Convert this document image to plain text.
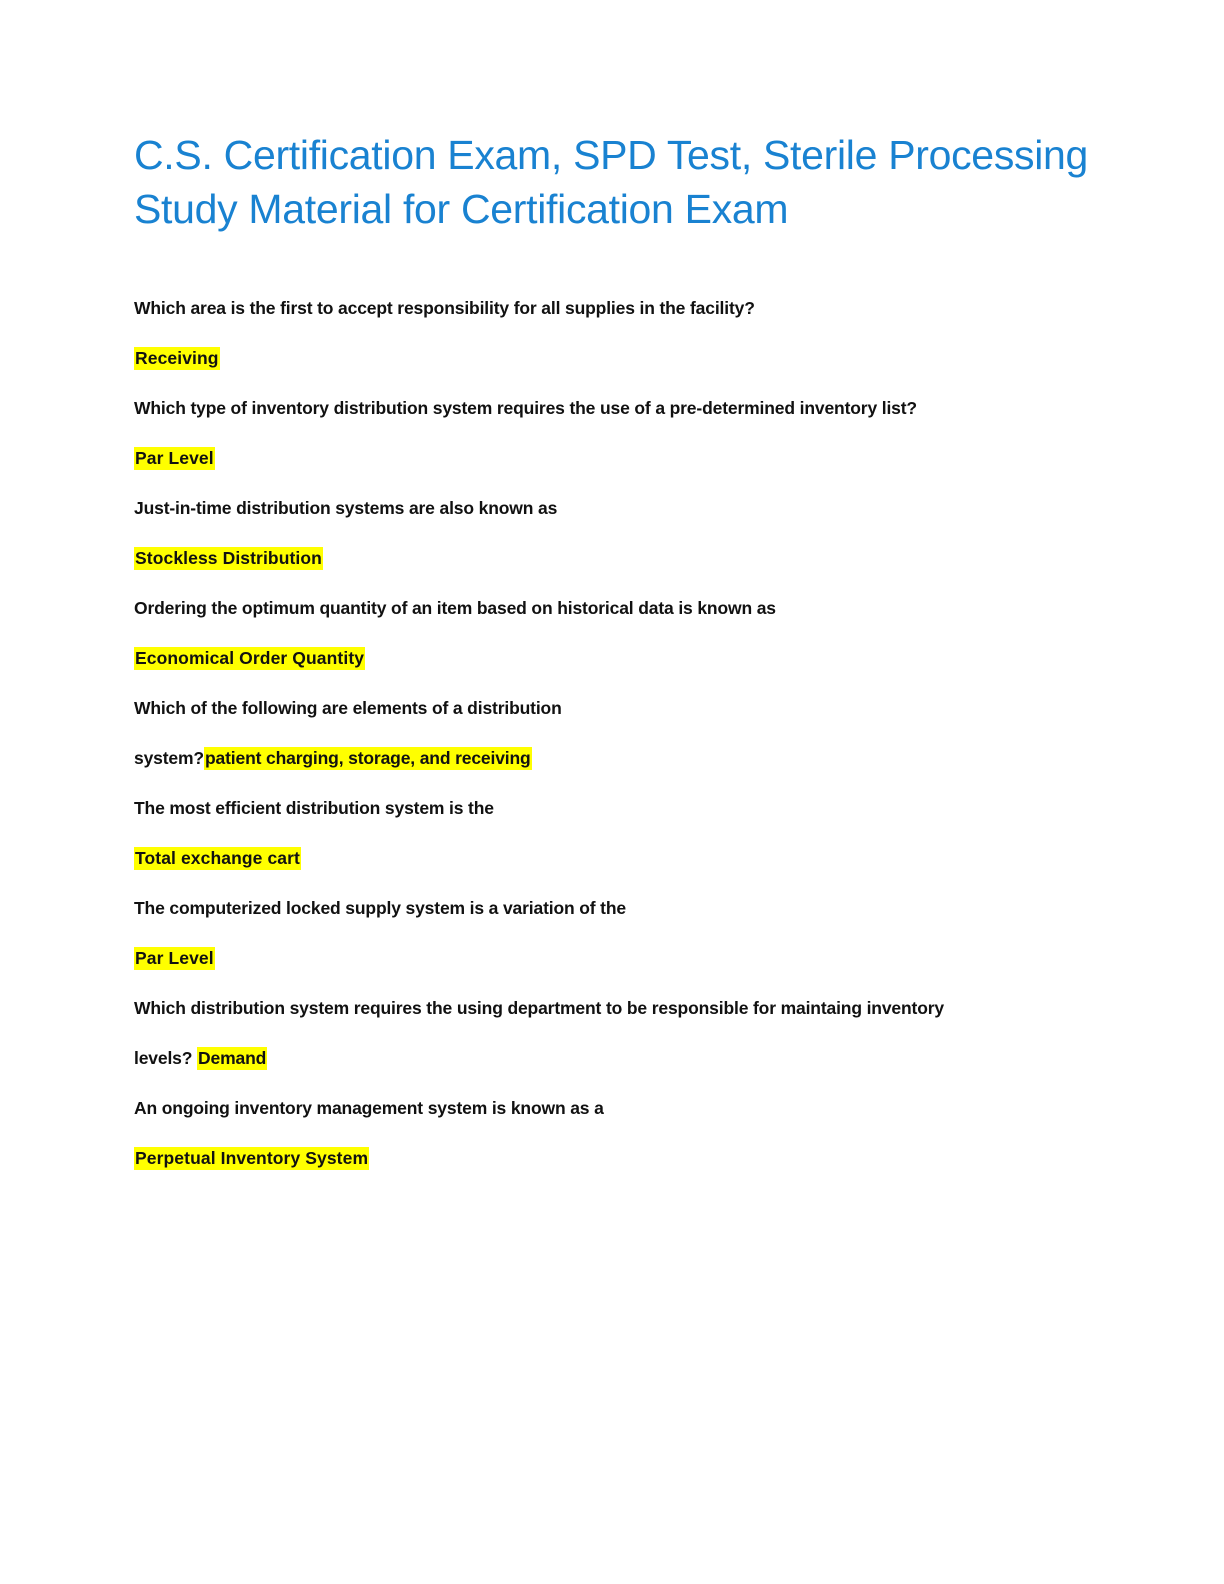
C.S. Certification Exam, SPD Test, Sterile Processing Study Material for Certification Exam

Which area is the first to accept responsibility for all supplies in the facility?

Receiving

Which type of inventory distribution system requires the use of a pre-determined inventory list?

Par Level

Just-in-time distribution systems are also known as

Stockless Distribution

Ordering the optimum quantity of an item based on historical data is known as

Economical Order Quantity

Which of the following are elements of a distribution

system?patient charging, storage, and receiving

The most efficient distribution system is the

Total exchange cart

The computerized locked supply system is a variation of the

Par Level

Which distribution system requires the using department to be responsible for maintaing inventory

levels? Demand

An ongoing inventory management system is known as a

Perpetual Inventory System
